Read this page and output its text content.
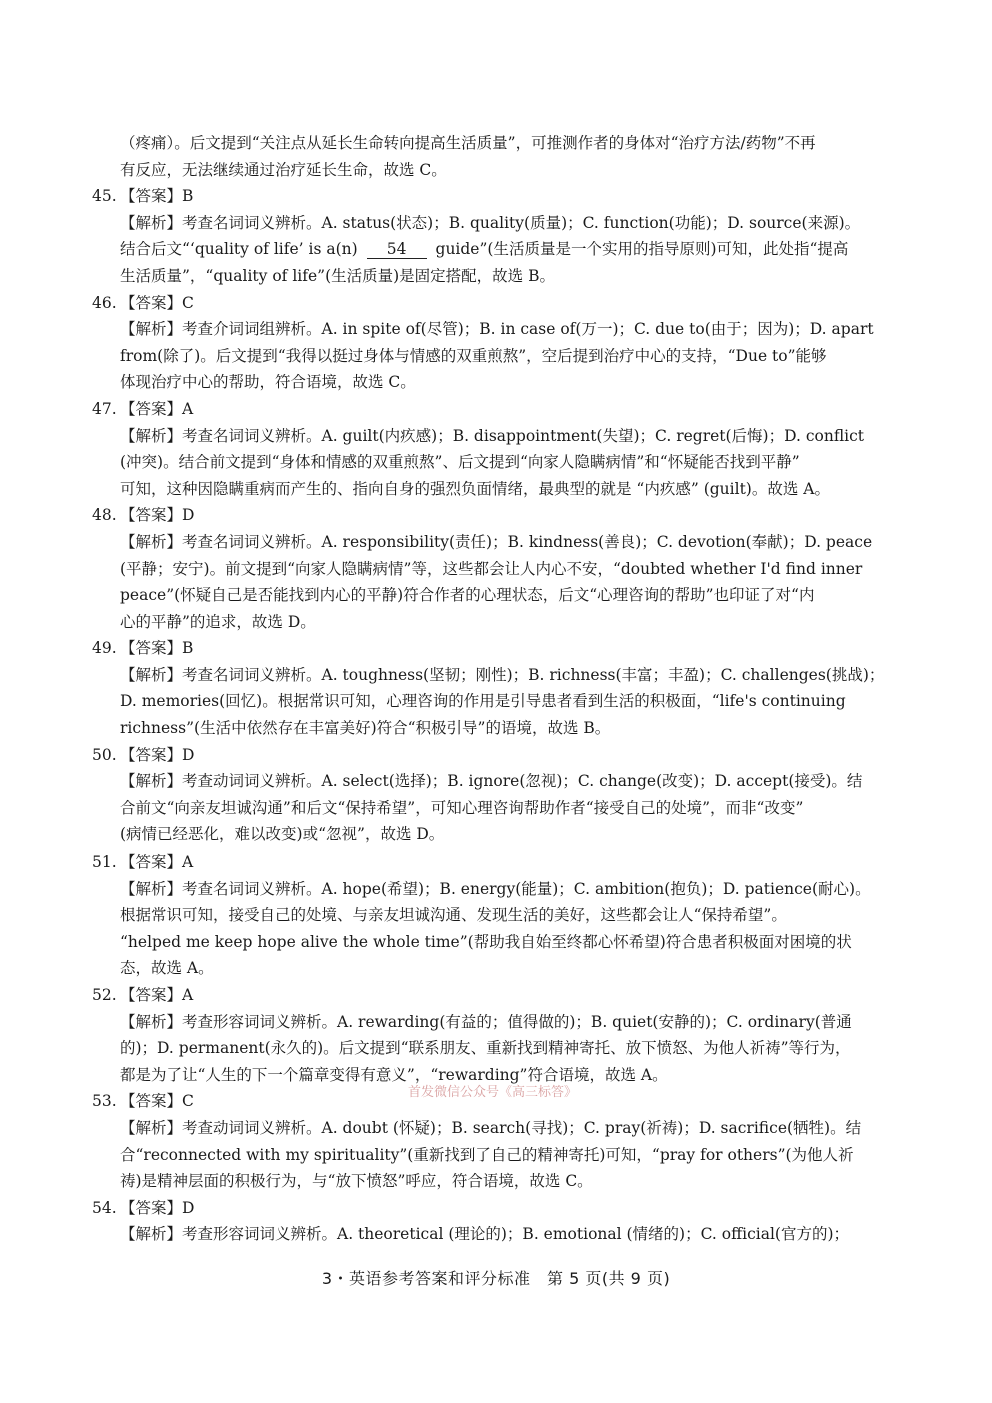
（疼痛）。后文提到“关注点从延长生命转向提高生活质量”，可推测作者的身体对“治疗方法/药物”不再

有反应，无法继续通过治疗延长生命，故选 C。

45. 【答案】B

【解析】考查名词词义辨析。A. status(状态)；B. quality(质量)；C. function(功能)；D. source(来源)。

结合后文“‘quality of life’ is a(n) 54 guide”(生活质量是一个实用的指导原则)可知，此处指“提高

生活质量”，“quality of life”(生活质量)是固定搭配，故选 B。

46. 【答案】C

【解析】考查介词词组辨析。A. in spite of(尽管)；B. in case of(万一)；C. due to(由于；因为)；D. apart

from(除了)。后文提到“我得以挺过身体与情感的双重煎熬”，空后提到治疗中心的支持，“Due to”能够

体现治疗中心的帮助，符合语境，故选 C。

47. 【答案】A

【解析】考查名词词义辨析。A. guilt(内疚感)；B. disappointment(失望)；C. regret(后悔)；D. conflict

(冲突)。结合前文提到“身体和情感的双重煎熬”、后文提到“向家人隐瞒病情”和“怀疑能否找到平静”

可知，这种因隐瞒重病而产生的、指向自身的强烈负面情绪，最典型的就是 “内疚感” (guilt)。故选 A。

48. 【答案】D

【解析】考查名词词义辨析。A. responsibility(责任)；B. kindness(善良)；C. devotion(奉献)；D. peace

(平静；安宁)。前文提到“向家人隐瞒病情”等，这些都会让人内心不安，“doubted whether I'd find inner

peace”(怀疑自己是否能找到内心的平静)符合作者的心理状态，后文“心理咨询的帮助”也印证了对“内

心的平静”的追求，故选 D。

49. 【答案】B

【解析】考查名词词义辨析。A. toughness(坚韧；刚性)；B. richness(丰富；丰盈)；C. challenges(挑战)；

D. memories(回忆)。根据常识可知，心理咨询的作用是引导患者看到生活的积极面，“life's continuing

richness”(生活中依然存在丰富美好)符合“积极引导”的语境，故选 B。

50. 【答案】D

【解析】考查动词词义辨析。A. select(选择)；B. ignore(忽视)；C. change(改变)；D. accept(接受)。结

合前文“向亲友坦诚沟通”和后文“保持希望”，可知心理咨询帮助作者“接受自己的处境”，而非“改变”

(病情已经恶化，难以改变)或“忽视”，故选 D。

51. 【答案】A

【解析】考查名词词义辨析。A. hope(希望)；B. energy(能量)；C. ambition(抱负)；D. patience(耐心)。

根据常识可知，接受自己的处境、与亲友坦诚沟通、发现生活的美好，这些都会让人“保持希望”。

“helped me keep hope alive the whole time”(帮助我自始至终都心怀希望)符合患者积极面对困境的状

态，故选 A。

52. 【答案】A

【解析】考查形容词词义辨析。A. rewarding(有益的；值得做的)；B. quiet(安静的)；C. ordinary(普通

的)；D. permanent(永久的)。后文提到“联系朋友、重新找到精神寄托、放下愤怒、为他人祈祷”等行为，

都是为了让“人生的下一个篇章变得有意义”，“rewarding”符合语境，故选 A。

53. 【答案】C

【解析】考查动词词义辨析。A. doubt (怀疑)；B. search(寻找)；C. pray(祈祷)；D. sacrifice(牺牲)。结

合“reconnected with my spirituality”(重新找到了自己的精神寄托)可知，“pray for others”(为他人祈

祷)是精神层面的积极行为，与“放下愤怒”呼应，符合语境，故选 C。

54. 【答案】D

【解析】考查形容词词义辨析。A. theoretical (理论的)；B. emotional (情绪的)；C. official(官方的)；

首发微信公众号《高三标答》
3・英语参考答案和评分标准　第 5 页(共 9 页)
